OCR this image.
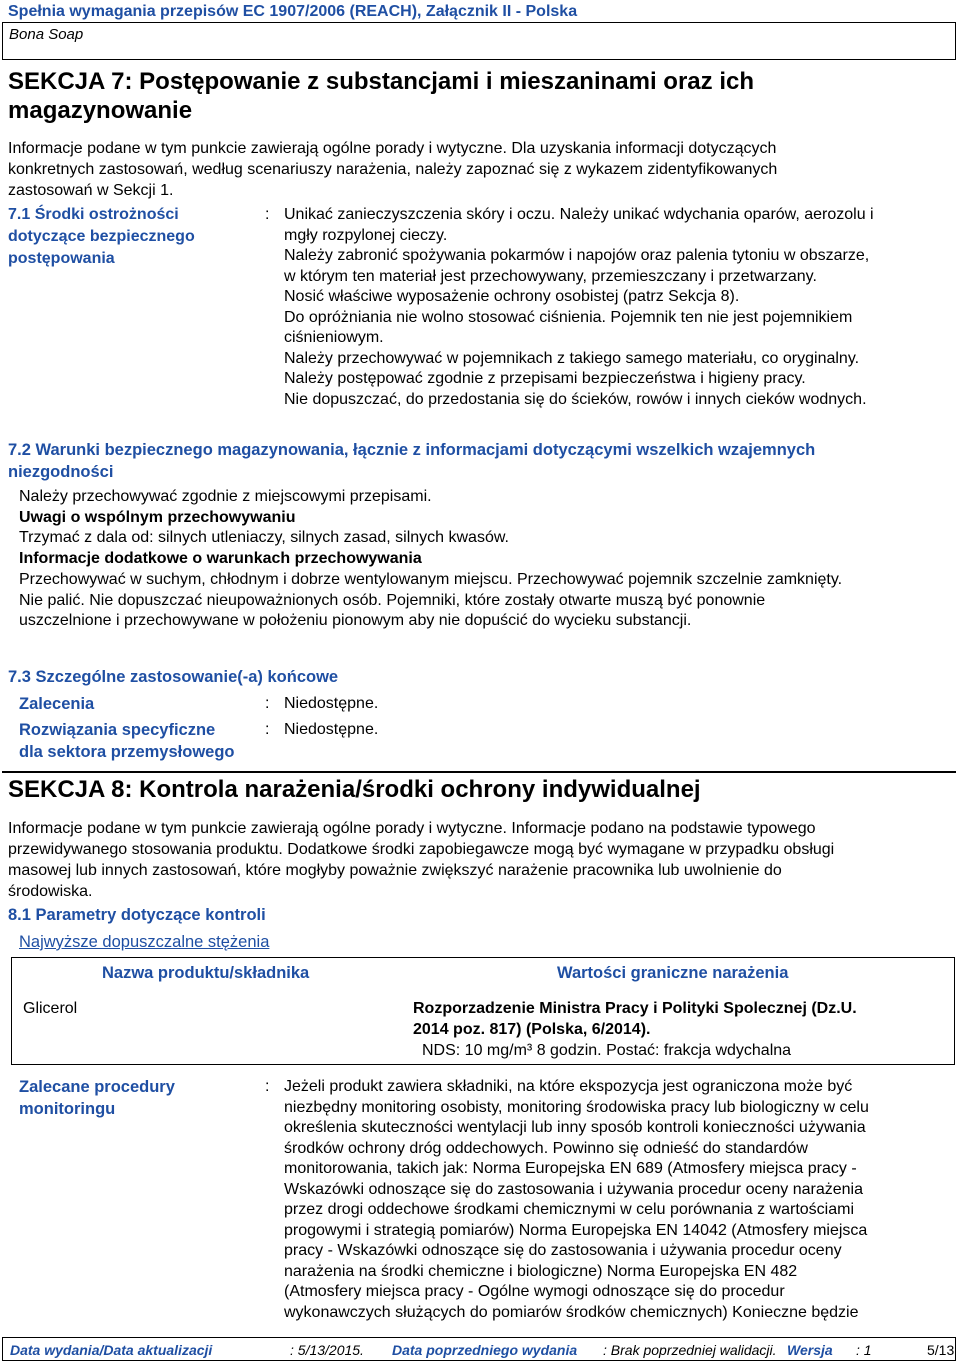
Spełnia wymagania przepisów EC 1907/2006 (REACH), Załącznik II - Polska
Bona Soap
SEKCJA 7: Postępowanie z substancjami i mieszaninami oraz ich
magazynowanie
Informacje podane w tym punkcie zawierają ogólne porady i wytyczne. Dla uzyskania informacji dotyczących
konkretnych zastosowań, według scenariuszy narażenia, należy zapoznać się z wykazem zidentyfikowanych
zastosowań w Sekcji 1.
7.1 Środki ostrożności
dotyczące bezpiecznego
postępowania
: Unikać zanieczyszczenia skóry i oczu. Należy unikać wdychania oparów, aerozolu i
mgły rozpylonej cieczy.
Należy zabronić spożywania pokarmów i napojów oraz palenia tytoniu w obszarze,
w którym ten materiał jest przechowywany, przemieszczany i przetwarzany.
Nosić właściwe wyposażenie ochrony osobistej (patrz Sekcja 8).
Do opróżniania nie wolno stosować ciśnienia. Pojemnik ten nie jest pojemnikiem
ciśnieniowym.
Należy przechowywać w pojemnikach z takiego samego materiału, co oryginalny.
Należy postępować zgodnie z przepisami bezpieczeństwa i higieny pracy.
Nie dopuszczać, do przedostania się do ścieków, rowów i innych cieków wodnych.
7.2 Warunki bezpiecznego magazynowania, łącznie z informacjami dotyczącymi wszelkich wzajemnych
niezgodności
Należy przechowywać zgodnie z miejscowymi przepisami.
Uwagi o wspólnym przechowywaniu
Trzymać z dala od: silnych utleniaczy, silnych zasad, silnych kwasów.
Informacje dodatkowe o warunkach przechowywania
Przechowywać w suchym, chłodnym i dobrze wentylowanym miejscu. Przechowywać pojemnik szczelnie zamknięty.
Nie palić. Nie dopuszczać nieupoważnionych osób. Pojemniki, które zostały otwarte muszą być ponownie
uszczelnione i przechowywane w położeniu pionowym aby nie dopuścić do wycieku substancji.
7.3 Szczególne zastosowanie(-a) końcowe
Zalecenia	: Niedostępne.
Rozwiązania specyficzne
dla sektora przemysłowego
: Niedostępne.
SEKCJA 8: Kontrola narażenia/środki ochrony indywidualnej
Informacje podane w tym punkcie zawierają ogólne porady i wytyczne. Informacje podano na podstawie typowego
przewidywanego stosowania produktu. Dodatkowe środki zapobiegawcze mogą być wymagane w przypadku obsługi
masowej lub innych zastosowań, które mogłyby poważnie zwiększyć narażenie pracownika lub uwolnienie do
środowiska.
8.1 Parametry dotyczące kontroli
Najwyższe dopuszczalne stężenia
Nazwa produktu/składnika	Wartości graniczne narażenia
Glicerol	Rozporzadzenie Ministra Pracy i Polityki Spolecznej (Dz.U.
2014 poz. 817) (Polska, 6/2014).
NDS: 10 mg/m³ 8 godzin. Postać: frakcja wdychalna
Zalecane procedury
monitoringu
: Jeżeli produkt zawiera składniki, na które ekspozycja jest ograniczona może być
niezbędny monitoring osobisty, monitoring środowiska pracy lub biologiczny w celu
określenia skuteczności wentylacji lub inny sposób kontroli konieczności używania
środków ochrony dróg oddechowych. Powinno się odnieść do standardów
monitorowania, takich jak: Norma Europejska EN 689 (Atmosfery miejsca pracy -
Wskazówki odnoszące się do zastosowania i używania procedur oceny narażenia
przez drogi oddechowe środkami chemicznymi w celu porównania z wartościami
progowymi i strategią pomiarów) Norma Europejska EN 14042 (Atmosfery miejsca
pracy - Wskazówki odnoszące się do zastosowania i używania procedur oceny
narażenia na środki chemiczne i biologiczne) Norma Europejska EN 482
(Atmosfery miejsca pracy - Ogólne wymogi odnoszące się do procedur
wykonawczych służących do pomiarów środków chemicznych) Konieczne będzie
Data wydania/Data aktualizacji	: 5/13/2015. Data poprzedniego wydania : Brak poprzedniej walidacji. Wersja : 1	5/13
